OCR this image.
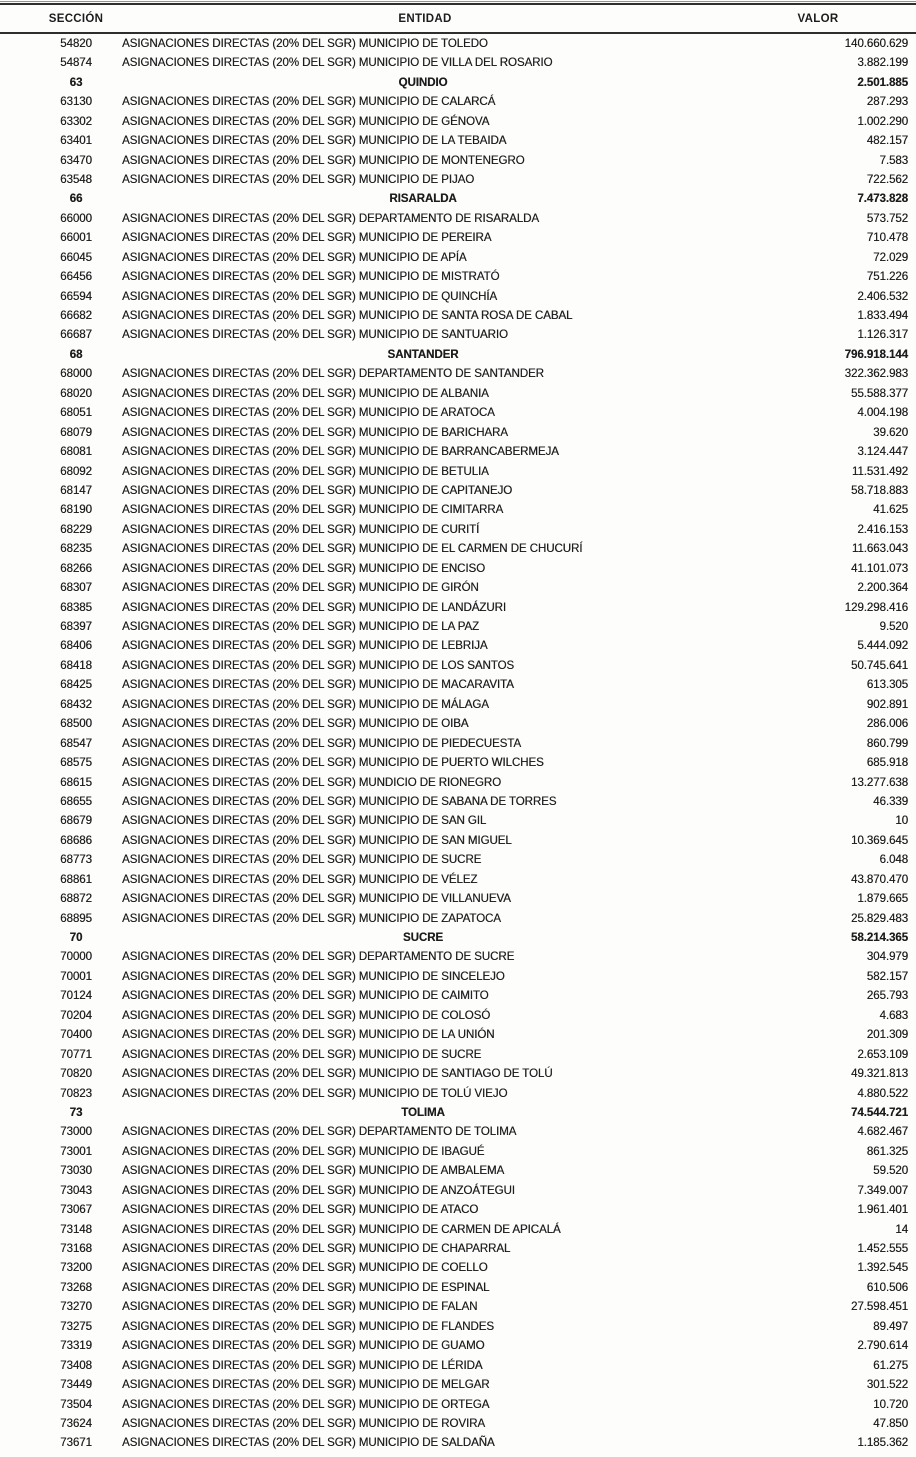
SECCIÓN	ENTIDAD	VALOR
54820	ASIGNACIONES DIRECTAS (20% DEL SGR) MUNICIPIO DE TOLEDO	140.660.629
54874	ASIGNACIONES DIRECTAS (20% DEL SGR) MUNICIPIO DE VILLA DEL ROSARIO	3.882.199
63	QUINDIO	2.501.885
63130	ASIGNACIONES DIRECTAS (20% DEL SGR) MUNICIPIO DE CALARCÁ	287.293
63302	ASIGNACIONES DIRECTAS (20% DEL SGR) MUNICIPIO DE GÉNOVA	1.002.290
63401	ASIGNACIONES DIRECTAS (20% DEL SGR) MUNICIPIO DE LA TEBAIDA	482.157
63470	ASIGNACIONES DIRECTAS (20% DEL SGR) MUNICIPIO DE MONTENEGRO	7.583
63548	ASIGNACIONES DIRECTAS (20% DEL SGR) MUNICIPIO DE PIJAO	722.562
66	RISARALDA	7.473.828
66000	ASIGNACIONES DIRECTAS (20% DEL SGR) DEPARTAMENTO DE RISARALDA	573.752
66001	ASIGNACIONES DIRECTAS (20% DEL SGR) MUNICIPIO DE PEREIRA	710.478
66045	ASIGNACIONES DIRECTAS (20% DEL SGR) MUNICIPIO DE APÍA	72.029
66456	ASIGNACIONES DIRECTAS (20% DEL SGR) MUNICIPIO DE MISTRATÓ	751.226
66594	ASIGNACIONES DIRECTAS (20% DEL SGR) MUNICIPIO DE QUINCHÍA	2.406.532
66682	ASIGNACIONES DIRECTAS (20% DEL SGR) MUNICIPIO DE SANTA ROSA DE CABAL	1.833.494
66687	ASIGNACIONES DIRECTAS (20% DEL SGR) MUNICIPIO DE SANTUARIO	1.126.317
68	SANTANDER	796.918.144
68000	ASIGNACIONES DIRECTAS (20% DEL SGR) DEPARTAMENTO DE SANTANDER	322.362.983
68020	ASIGNACIONES DIRECTAS (20% DEL SGR) MUNICIPIO DE ALBANIA	55.588.377
68051	ASIGNACIONES DIRECTAS (20% DEL SGR) MUNICIPIO DE ARATOCA	4.004.198
68079	ASIGNACIONES DIRECTAS (20% DEL SGR) MUNICIPIO DE BARICHARA	39.620
68081	ASIGNACIONES DIRECTAS (20% DEL SGR) MUNICIPIO DE BARRANCABERMEJA	3.124.447
68092	ASIGNACIONES DIRECTAS (20% DEL SGR) MUNICIPIO DE BETULIA	11.531.492
68147	ASIGNACIONES DIRECTAS (20% DEL SGR) MUNICIPIO DE CAPITANEJO	58.718.883
68190	ASIGNACIONES DIRECTAS (20% DEL SGR) MUNICIPIO DE CIMITARRA	41.625
68229	ASIGNACIONES DIRECTAS (20% DEL SGR) MUNICIPIO DE CURITÍ	2.416.153
68235	ASIGNACIONES DIRECTAS (20% DEL SGR) MUNICIPIO DE EL CARMEN DE CHUCURÍ	11.663.043
68266	ASIGNACIONES DIRECTAS (20% DEL SGR) MUNICIPIO DE ENCISO	41.101.073
68307	ASIGNACIONES DIRECTAS (20% DEL SGR) MUNICIPIO DE GIRÓN	2.200.364
68385	ASIGNACIONES DIRECTAS (20% DEL SGR) MUNICIPIO DE LANDÁZURI	129.298.416
68397	ASIGNACIONES DIRECTAS (20% DEL SGR) MUNICIPIO DE LA PAZ	9.520
68406	ASIGNACIONES DIRECTAS (20% DEL SGR) MUNICIPIO DE LEBRIJA	5.444.092
68418	ASIGNACIONES DIRECTAS (20% DEL SGR) MUNICIPIO DE LOS SANTOS	50.745.641
68425	ASIGNACIONES DIRECTAS (20% DEL SGR) MUNICIPIO DE MACARAVITA	613.305
68432	ASIGNACIONES DIRECTAS (20% DEL SGR) MUNICIPIO DE MÁLAGA	902.891
68500	ASIGNACIONES DIRECTAS (20% DEL SGR) MUNICIPIO DE OIBA	286.006
68547	ASIGNACIONES DIRECTAS (20% DEL SGR) MUNICIPIO DE PIEDECUESTA	860.799
68575	ASIGNACIONES DIRECTAS (20% DEL SGR) MUNICIPIO DE PUERTO WILCHES	685.918
68615	ASIGNACIONES DIRECTAS (20% DEL SGR) MUNDICIO DE RIONEGRO	13.277.638
68655	ASIGNACIONES DIRECTAS (20% DEL SGR) MUNICIPIO DE SABANA DE TORRES	46.339
68679	ASIGNACIONES DIRECTAS (20% DEL SGR) MUNICIPIO DE SAN GIL	10
68686	ASIGNACIONES DIRECTAS (20% DEL SGR) MUNICIPIO DE SAN MIGUEL	10.369.645
68773	ASIGNACIONES DIRECTAS (20% DEL SGR) MUNICIPIO DE SUCRE	6.048
68861	ASIGNACIONES DIRECTAS (20% DEL SGR) MUNICIPIO DE VÉLEZ	43.870.470
68872	ASIGNACIONES DIRECTAS (20% DEL SGR) MUNICIPIO DE VILLANUEVA	1.879.665
68895	ASIGNACIONES DIRECTAS (20% DEL SGR) MUNICIPIO DE ZAPATOCA	25.829.483
70	SUCRE	58.214.365
70000	ASIGNACIONES DIRECTAS (20% DEL SGR) DEPARTAMENTO DE SUCRE	304.979
70001	ASIGNACIONES DIRECTAS (20% DEL SGR) MUNICIPIO DE SINCELEJO	582.157
70124	ASIGNACIONES DIRECTAS (20% DEL SGR) MUNICIPIO DE CAIMITO	265.793
70204	ASIGNACIONES DIRECTAS (20% DEL SGR) MUNICIPIO DE COLOSÓ	4.683
70400	ASIGNACIONES DIRECTAS (20% DEL SGR) MUNICIPIO DE LA UNIÓN	201.309
70771	ASIGNACIONES DIRECTAS (20% DEL SGR) MUNICIPIO DE SUCRE	2.653.109
70820	ASIGNACIONES DIRECTAS (20% DEL SGR) MUNICIPIO DE SANTIAGO DE TOLÚ	49.321.813
70823	ASIGNACIONES DIRECTAS (20% DEL SGR) MUNICIPIO DE TOLÚ VIEJO	4.880.522
73	TOLIMA	74.544.721
73000	ASIGNACIONES DIRECTAS (20% DEL SGR) DEPARTAMENTO DE TOLIMA	4.682.467
73001	ASIGNACIONES DIRECTAS (20% DEL SGR) MUNICIPIO DE IBAGUÉ	861.325
73030	ASIGNACIONES DIRECTAS (20% DEL SGR) MUNICIPIO DE AMBALEMA	59.520
73043	ASIGNACIONES DIRECTAS (20% DEL SGR) MUNICIPIO DE ANZOÁTEGUI	7.349.007
73067	ASIGNACIONES DIRECTAS (20% DEL SGR) MUNICIPIO DE ATACO	1.961.401
73148	ASIGNACIONES DIRECTAS (20% DEL SGR) MUNICIPIO DE CARMEN DE APICALÁ	14
73168	ASIGNACIONES DIRECTAS (20% DEL SGR) MUNICIPIO DE CHAPARRAL	1.452.555
73200	ASIGNACIONES DIRECTAS (20% DEL SGR) MUNICIPIO DE COELLO	1.392.545
73268	ASIGNACIONES DIRECTAS (20% DEL SGR) MUNICIPIO DE ESPINAL	610.506
73270	ASIGNACIONES DIRECTAS (20% DEL SGR) MUNICIPIO DE FALAN	27.598.451
73275	ASIGNACIONES DIRECTAS (20% DEL SGR) MUNICIPIO DE FLANDES	89.497
73319	ASIGNACIONES DIRECTAS (20% DEL SGR) MUNICIPIO DE GUAMO	2.790.614
73408	ASIGNACIONES DIRECTAS (20% DEL SGR) MUNICIPIO DE LÉRIDA	61.275
73449	ASIGNACIONES DIRECTAS (20% DEL SGR) MUNICIPIO DE MELGAR	301.522
73504	ASIGNACIONES DIRECTAS (20% DEL SGR) MUNICIPIO DE ORTEGA	10.720
73624	ASIGNACIONES DIRECTAS (20% DEL SGR) MUNICIPIO DE ROVIRA	47.850
73671	ASIGNACIONES DIRECTAS (20% DEL SGR) MUNICIPIO DE SALDAÑA	1.185.362
